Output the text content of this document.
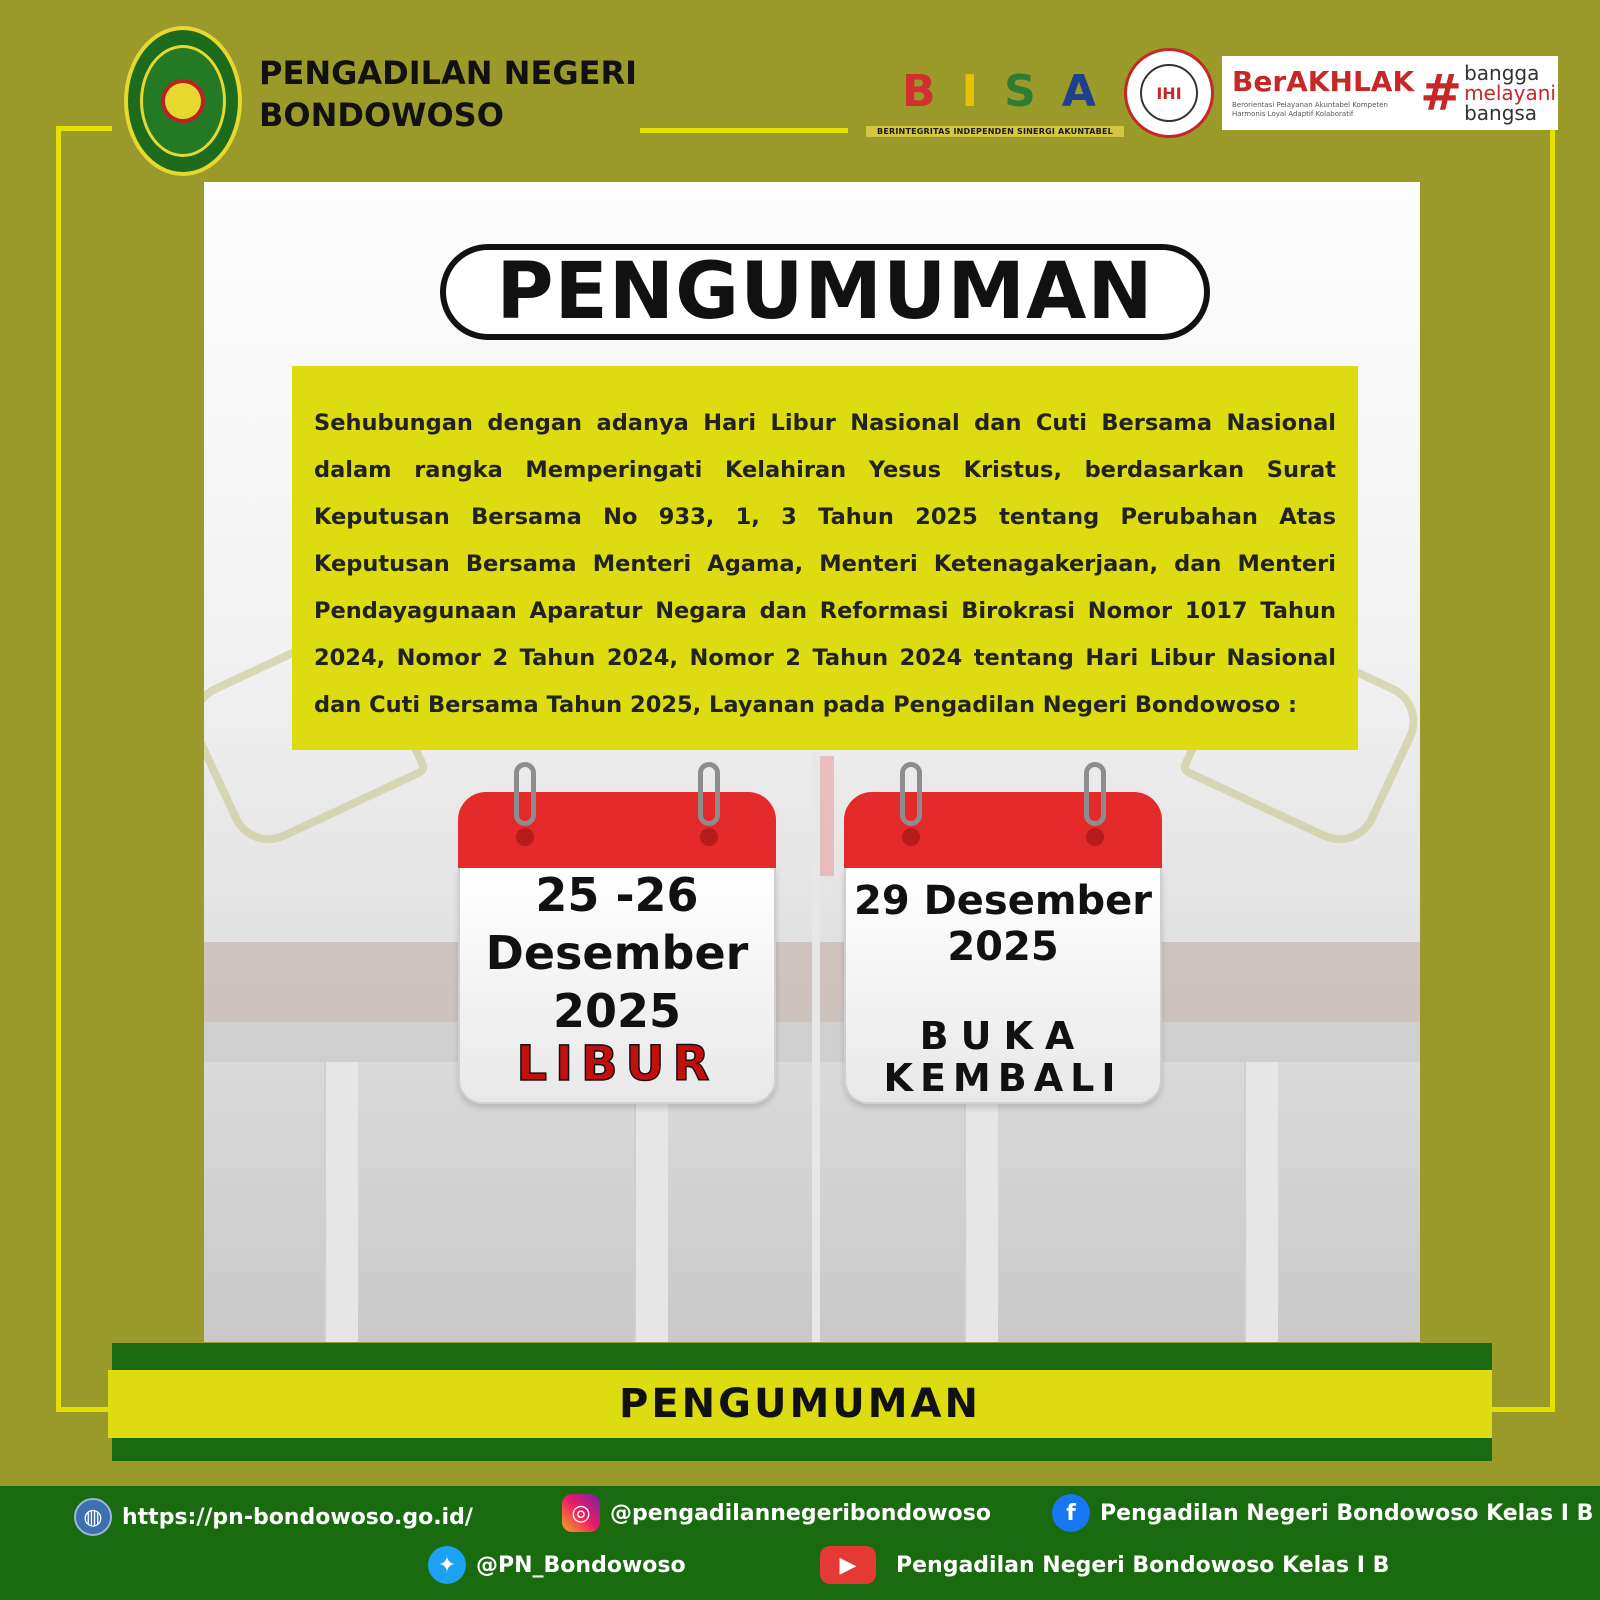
PENGADILAN NEGERI
BONDOWOSO	B I S A
BERINTEGRITAS INDEPENDEN SINERGI AKUNTABEL
IHI	BerAKHLAK
Berorientasi Pelayanan Akuntabel Kompeten Harmonis Loyal Adaptif Kolaboratif	# bangga
melayani
bangsa
PENGUMUMAN

Sehubungan dengan adanya Hari Libur Nasional dan Cuti Bersama Nasional dalam rangka Memperingati Kelahiran Yesus Kristus, berdasarkan Surat Keputusan Bersama No 933, 1, 3 Tahun 2025 tentang Perubahan Atas Keputusan Bersama Menteri Agama, Menteri Ketenagakerjaan, dan Menteri Pendayagunaan Aparatur Negara dan Reformasi Birokrasi Nomor 1017 Tahun 2024, Nomor 2 Tahun 2024, Nomor 2 Tahun 2024 tentang Hari Libur Nasional dan Cuti Bersama Tahun 2025, Layanan pada Pengadilan Negeri Bondowoso :

25 -26
Desember
2025
LIBUR
29 Desember
2025
BUKA
KEMBALI
PENGUMUMAN
◍ https://pn-bondowoso.go.id/	◎ @pengadilannegeribondowoso	f	Pengadilan Negeri Bondowoso Kelas I B
✦ @PN_Bondowoso	▶	Pengadilan Negeri Bondowoso Kelas I B
